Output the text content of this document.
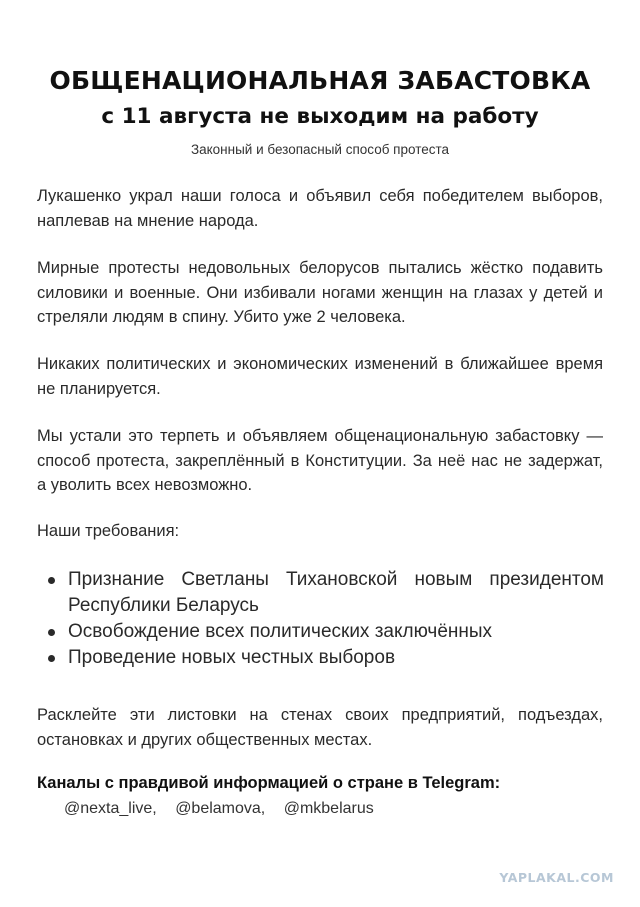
ОБЩЕНАЦИОНАЛЬНАЯ ЗАБАСТОВКА
с 11 августа не выходим на работу

Законный и безопасный способ протеста

Лукашенко украл наши голоса и объявил себя победителем выборов, наплевав на мнение народа.

Мирные протесты недовольных белорусов пытались жёстко подавить силовики и военные. Они избивали ногами женщин на глазах у детей и стреляли людям в спину. Убито уже 2 человека.

Никаких политических и экономических изменений в ближайшее время не планируется.

Мы устали это терпеть и объявляем общенациональную забастовку — способ протеста, закреплённый в Конституции. За неё нас не задержат, а уволить всех невозможно.

Наши требования:

Признание Светланы Тихановской новым президентом Республики Беларусь
Освобождение всех политических заключённых
Проведение новых честных выборов

Расклейте эти листовки на стенах своих предприятий, подъездах, остановках и других общественных местах.

Каналы с правдивой информацией о стране в Telegram:

@nexta_live, @belamova, @mkbelarus

YAPLAKAL.COM
